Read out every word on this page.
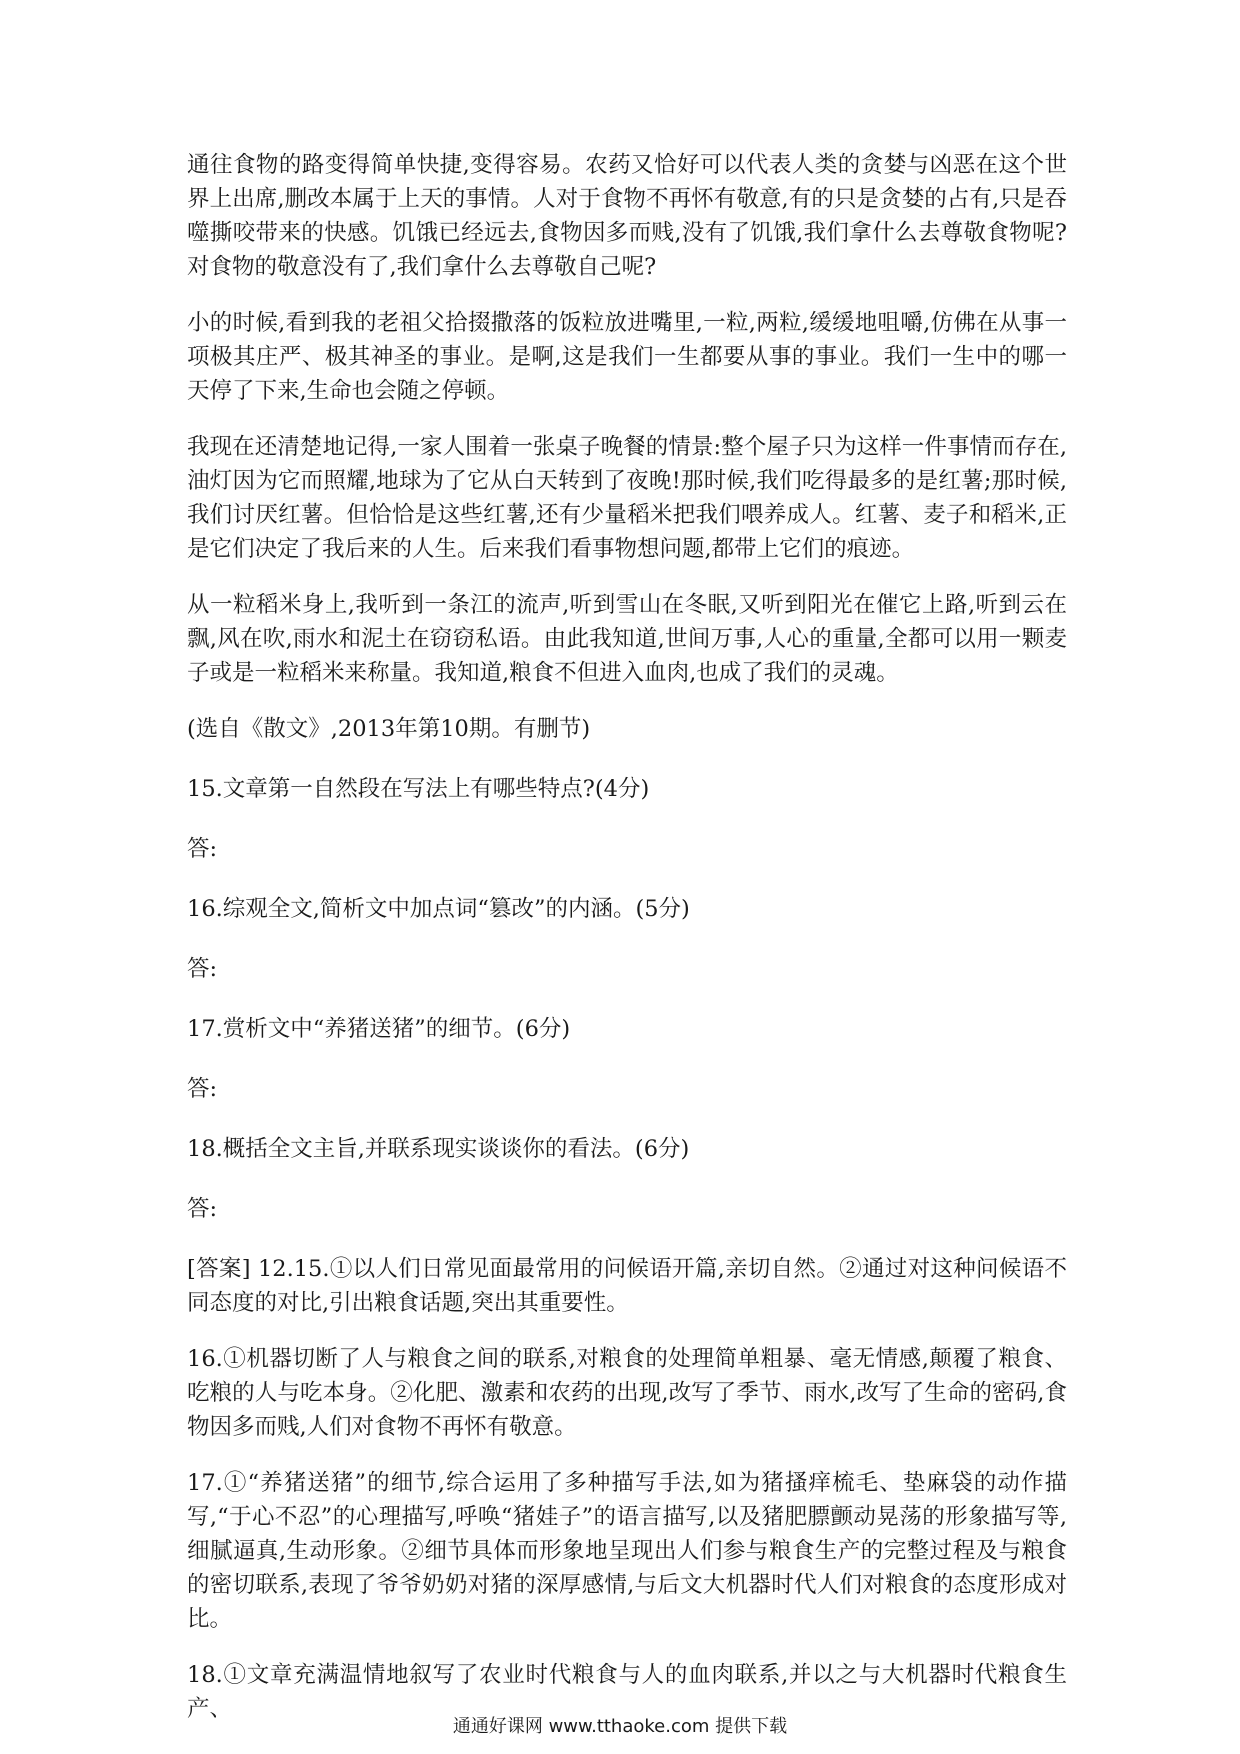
通往食物的路变得简单快捷,变得容易。农药又恰好可以代表人类的贪婪与凶恶在这个世界上出席,删改本属于上天的事情。人对于食物不再怀有敬意,有的只是贪婪的占有,只是吞噬撕咬带来的快感。饥饿已经远去,食物因多而贱,没有了饥饿,我们拿什么去尊敬食物呢?对食物的敬意没有了,我们拿什么去尊敬自己呢?

小的时候,看到我的老祖父拾掇撒落的饭粒放进嘴里,一粒,两粒,缓缓地咀嚼,仿佛在从事一项极其庄严、极其神圣的事业。是啊,这是我们一生都要从事的事业。我们一生中的哪一天停了下来,生命也会随之停顿。

我现在还清楚地记得,一家人围着一张桌子晚餐的情景:整个屋子只为这样一件事情而存在,油灯因为它而照耀,地球为了它从白天转到了夜晚!那时候,我们吃得最多的是红薯;那时候,我们讨厌红薯。但恰恰是这些红薯,还有少量稻米把我们喂养成人。红薯、麦子和稻米,正是它们决定了我后来的人生。后来我们看事物想问题,都带上它们的痕迹。

从一粒稻米身上,我听到一条江的流声,听到雪山在冬眠,又听到阳光在催它上路,听到云在飘,风在吹,雨水和泥土在窃窃私语。由此我知道,世间万事,人心的重量,全都可以用一颗麦子或是一粒稻米来称量。我知道,粮食不但进入血肉,也成了我们的灵魂。

(选自《散文》,2013年第10期。有删节)

15.文章第一自然段在写法上有哪些特点?(4分)

答:

16.综观全文,简析文中加点词“篡改”的内涵。(5分)

答:

17.赏析文中“养猪送猪”的细节。(6分)

答:

18.概括全文主旨,并联系现实谈谈你的看法。(6分)

答:

[答案] 12.15.①以人们日常见面最常用的问候语开篇,亲切自然。②通过对这种问候语不同态度的对比,引出粮食话题,突出其重要性。

16.①机器切断了人与粮食之间的联系,对粮食的处理简单粗暴、毫无情感,颠覆了粮食、吃粮的人与吃本身。②化肥、激素和农药的出现,改写了季节、雨水,改写了生命的密码,食物因多而贱,人们对食物不再怀有敬意。

17.①“养猪送猪”的细节,综合运用了多种描写手法,如为猪搔痒梳毛、垫麻袋的动作描写,“于心不忍”的心理描写,呼唤“猪娃子”的语言描写,以及猪肥膘颤动晃荡的形象描写等,细腻逼真,生动形象。②细节具体而形象地呈现出人们参与粮食生产的完整过程及与粮食的密切联系,表现了爷爷奶奶对猪的深厚感情,与后文大机器时代人们对粮食的态度形成对比。

18.①文章充满温情地叙写了农业时代粮食与人的血肉联系,并以之与大机器时代粮食生产、

通通好课网 www.tthaoke.com 提供下载
